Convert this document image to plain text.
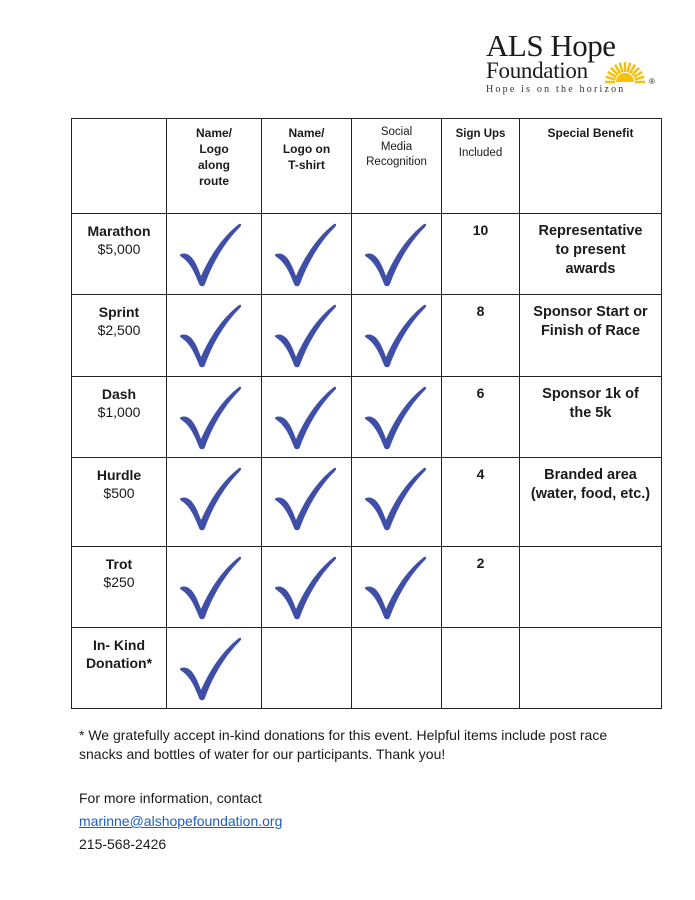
ALS Hope
Foundation	®
Hope is on the horizon

	Name/
Logo
along
route	Name/
Logo on
T-shirt	Social
Media
Recognition	Sign Ups
Included	Special Benefit

Marathon
$5,000				10	Representative to present awards

Sprint
$2,500				8	Sponsor Start or Finish of Race

Dash
$1,000				6	Sponsor 1k of the 5k

Hurdle
$500				4	Branded area (water, food, etc.)

Trot
$250				2	

In- Kind Donation*

* We gratefully accept in-kind donations for this event. Helpful items include post race snacks and bottles of water for our participants. Thank you!
For more information, contact
marinne@alshopefoundation.org
215-568-2426
